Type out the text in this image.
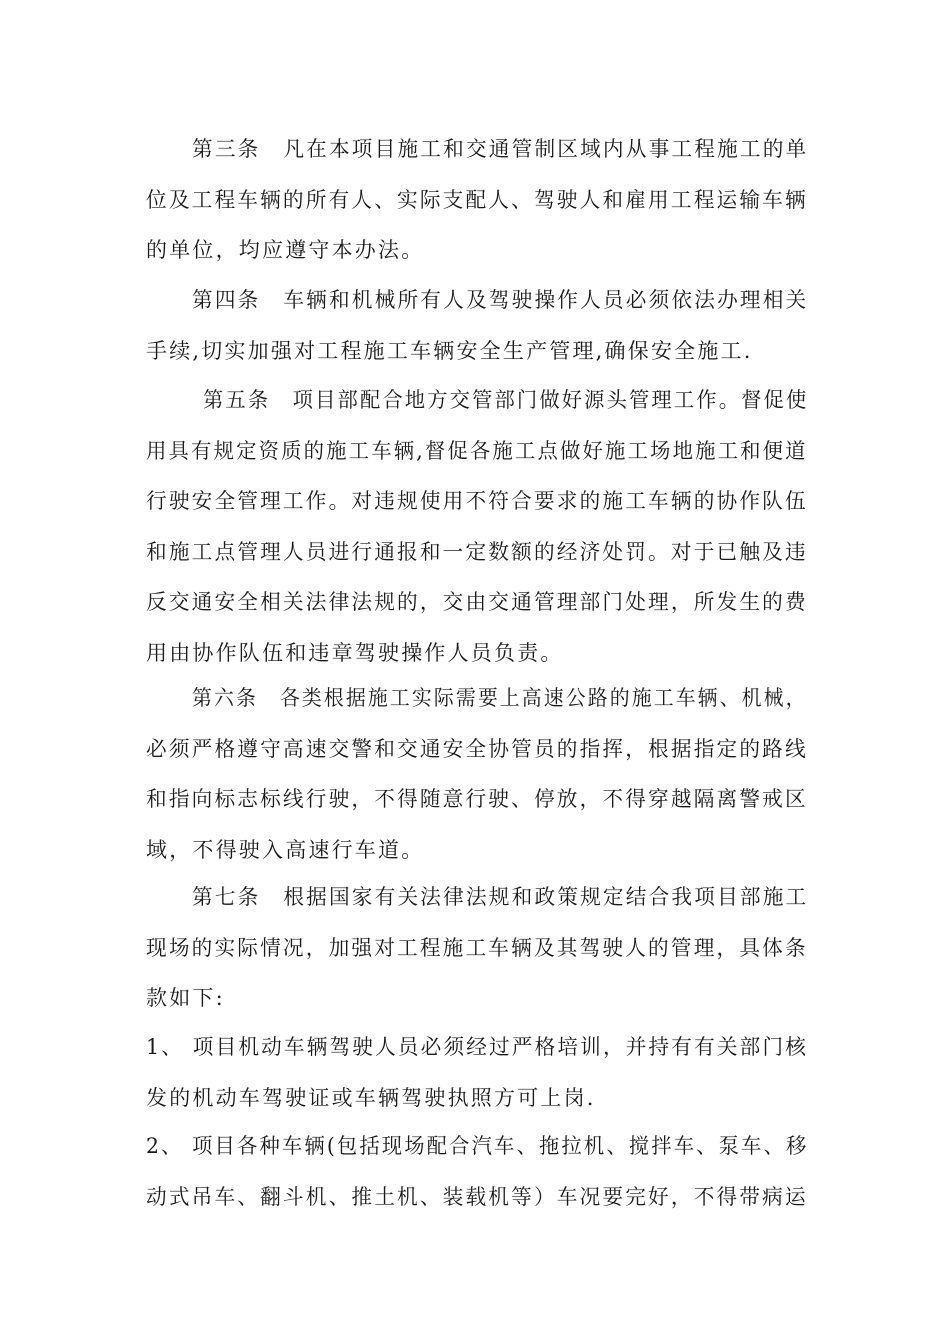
第三条　凡在本项目施工和交通管制区域内从事工程施工的单
位及工程车辆的所有人、实际支配人、驾驶人和雇用工程运输车辆
的单位，均应遵守本办法。
第四条　车辆和机械所有人及驾驶操作人员必须依法办理相关
手续,切实加强对工程施工车辆安全生产管理,确保安全施工.
第五条　项目部配合地方交管部门做好源头管理工作。督促使
用具有规定资质的施工车辆,督促各施工点做好施工场地施工和便道
行驶安全管理工作。对违规使用不符合要求的施工车辆的协作队伍
和施工点管理人员进行通报和一定数额的经济处罚。对于已触及违
反交通安全相关法律法规的，交由交通管理部门处理，所发生的费
用由协作队伍和违章驾驶操作人员负责。
第六条　各类根据施工实际需要上高速公路的施工车辆、机械，
必须严格遵守高速交警和交通安全协管员的指挥，根据指定的路线
和指向标志标线行驶，不得随意行驶、停放，不得穿越隔离警戒区
域，不得驶入高速行车道。
第七条　根据国家有关法律法规和政策规定结合我项目部施工
现场的实际情况，加强对工程施工车辆及其驾驶人的管理，具体条
款如下:
1、 项目机动车辆驾驶人员必须经过严格培训，并持有有关部门核
发的机动车驾驶证或车辆驾驶执照方可上岗.
2、 项目各种车辆(包括现场配合汽车、拖拉机、搅拌车、泵车、移
动式吊车、翻斗机、推土机、装载机等）车况要完好，不得带病运
